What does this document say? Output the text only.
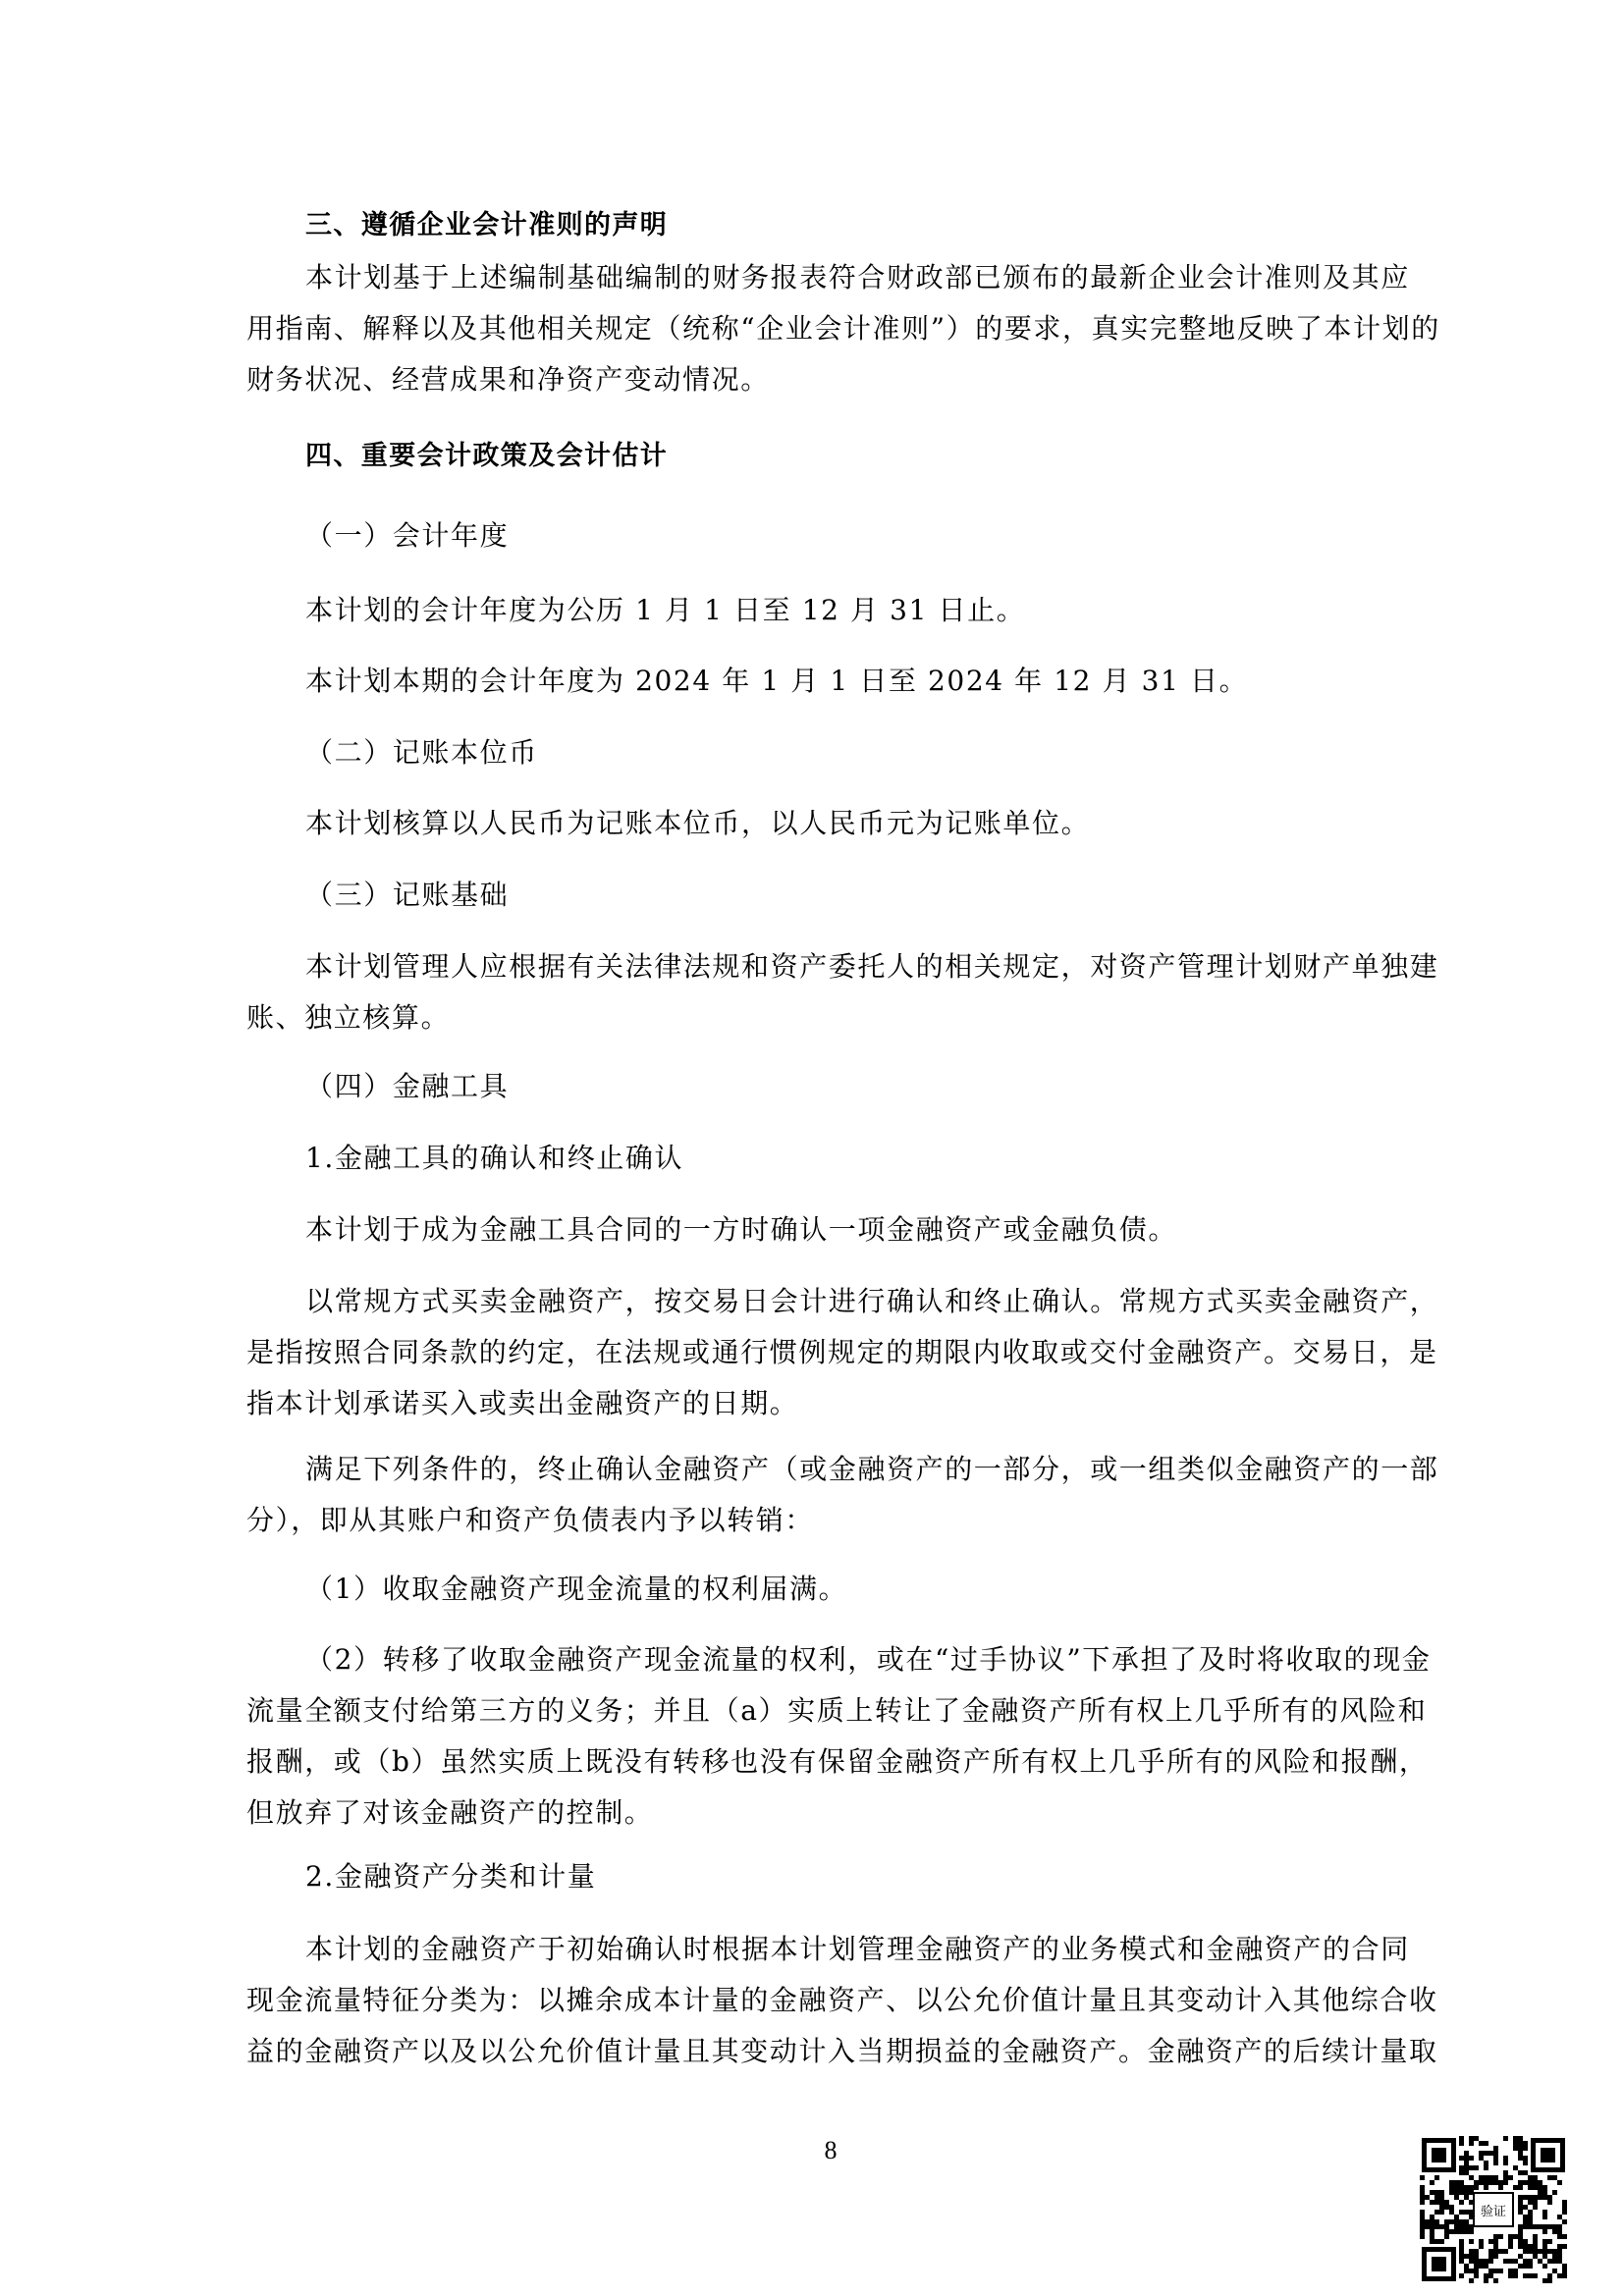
三、遵循企业会计准则的声明
本计划基于上述编制基础编制的财务报表符合财政部已颁布的最新企业会计准则及其应
用指南、解释以及其他相关规定（统称“企业会计准则”）的要求，真实完整地反映了本计划的
财务状况、经营成果和净资产变动情况。
四、重要会计政策及会计估计
（一）会计年度
本计划的会计年度为公历 1 月 1 日至 12 月 31 日止。
本计划本期的会计年度为 2024 年 1 月 1 日至 2024 年 12 月 31 日。
（二）记账本位币
本计划核算以人民币为记账本位币，以人民币元为记账单位。
（三）记账基础
本计划管理人应根据有关法律法规和资产委托人的相关规定，对资产管理计划财产单独建
账、独立核算。
（四）金融工具
1.金融工具的确认和终止确认
本计划于成为金融工具合同的一方时确认一项金融资产或金融负债。
以常规方式买卖金融资产，按交易日会计进行确认和终止确认。常规方式买卖金融资产，
是指按照合同条款的约定，在法规或通行惯例规定的期限内收取或交付金融资产。交易日，是
指本计划承诺买入或卖出金融资产的日期。
满足下列条件的，终止确认金融资产（或金融资产的一部分，或一组类似金融资产的一部
分），即从其账户和资产负债表内予以转销：
（1）收取金融资产现金流量的权利届满。
（2）转移了收取金融资产现金流量的权利，或在“过手协议”下承担了及时将收取的现金
流量全额支付给第三方的义务；并且（a）实质上转让了金融资产所有权上几乎所有的风险和
报酬，或（b）虽然实质上既没有转移也没有保留金融资产所有权上几乎所有的风险和报酬，
但放弃了对该金融资产的控制。
2.金融资产分类和计量
本计划的金融资产于初始确认时根据本计划管理金融资产的业务模式和金融资产的合同
现金流量特征分类为：以摊余成本计量的金融资产、以公允价值计量且其变动计入其他综合收
益的金融资产以及以公允价值计量且其变动计入当期损益的金融资产。金融资产的后续计量取
8
验证
